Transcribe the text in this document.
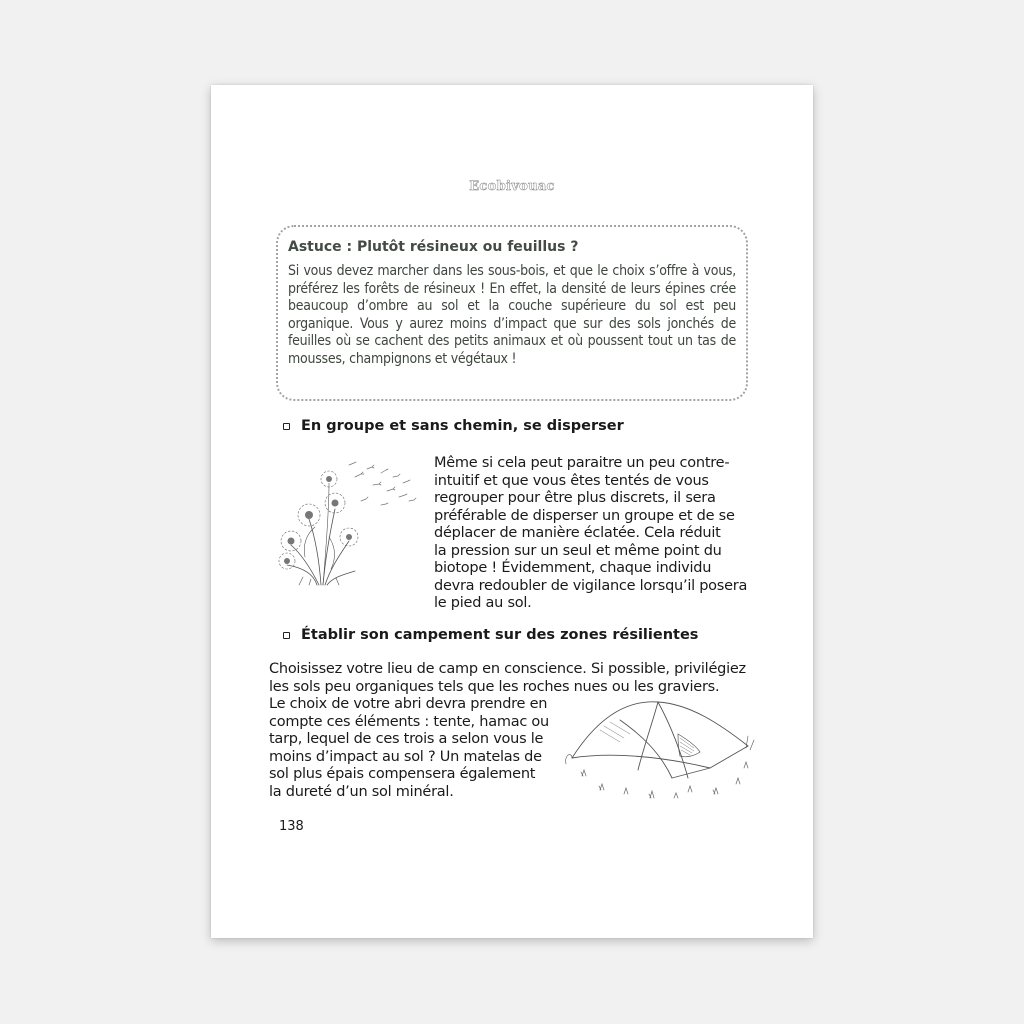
Ecobivouac

Astuce : Plutôt résineux ou feuillus ?

Si vous devez marcher dans les sous-bois, et que le choix s’offre à vous, préférez les forêts de résineux ! En effet, la densité de leurs épines crée beaucoup d’ombre au sol et la couche supérieure du sol est peu organique. Vous y aurez moins d’impact que sur des sols jonchés de feuilles où se cachent des petits animaux et où poussent tout un tas de mousses, champignons et végétaux !

En groupe et sans chemin, se disperser

Même si cela peut paraitre un peu contre-
intuitif et que vous êtes tentés de vous
regrouper pour être plus discrets, il sera
préférable de disperser un groupe et de se
déplacer de manière éclatée. Cela réduit
la pression sur un seul et même point du
biotope ! Évidemment, chaque individu
devra redoubler de vigilance lorsqu’il posera
le pied au sol.

Établir son campement sur des zones résilientes

Choisissez votre lieu de camp en conscience. Si possible, privilégiez
les sols peu organiques tels que les roches nues ou les graviers.

Le choix de votre abri devra prendre en
compte ces éléments : tente, hamac ou
tarp, lequel de ces trois a selon vous le
moins d’impact au sol ? Un matelas de
sol plus épais compensera également
la dureté d’un sol minéral.

138
